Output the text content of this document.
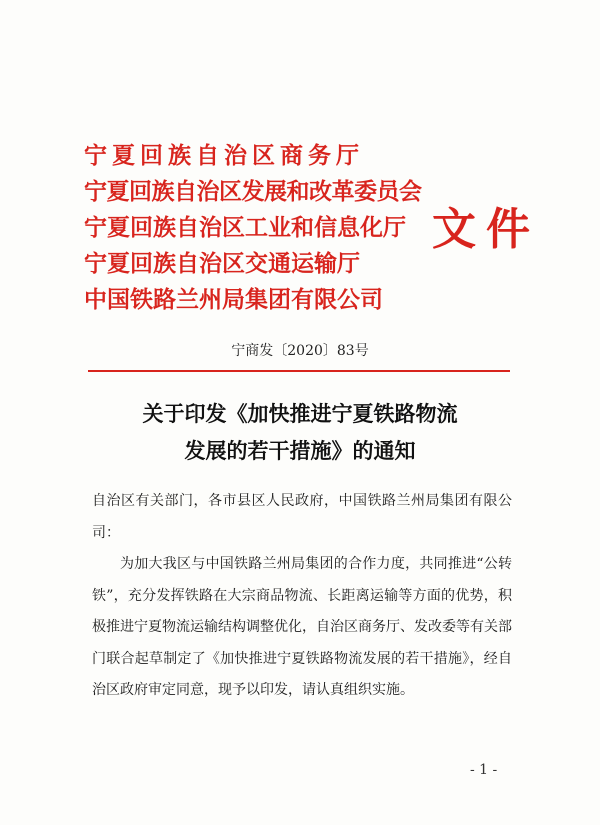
宁夏回族自治区商务厅
宁夏回族自治区发展和改革委员会
宁夏回族自治区工业和信息化厅
宁夏回族自治区交通运输厅
中国铁路兰州局集团有限公司
文件
宁商发〔2020〕83号
关于印发《加快推进宁夏铁路物流
发展的若干措施》的通知

自治区有关部门，各市县区人民政府，中国铁路兰州局集团有限公司：

为加大我区与中国铁路兰州局集团的合作力度，共同推进“公转铁”，充分发挥铁路在大宗商品物流、长距离运输等方面的优势，积极推进宁夏物流运输结构调整优化，自治区商务厅、发改委等有关部门联合起草制定了《加快推进宁夏铁路物流发展的若干措施》，经自治区政府审定同意，现予以印发，请认真组织实施。

- 1 -
